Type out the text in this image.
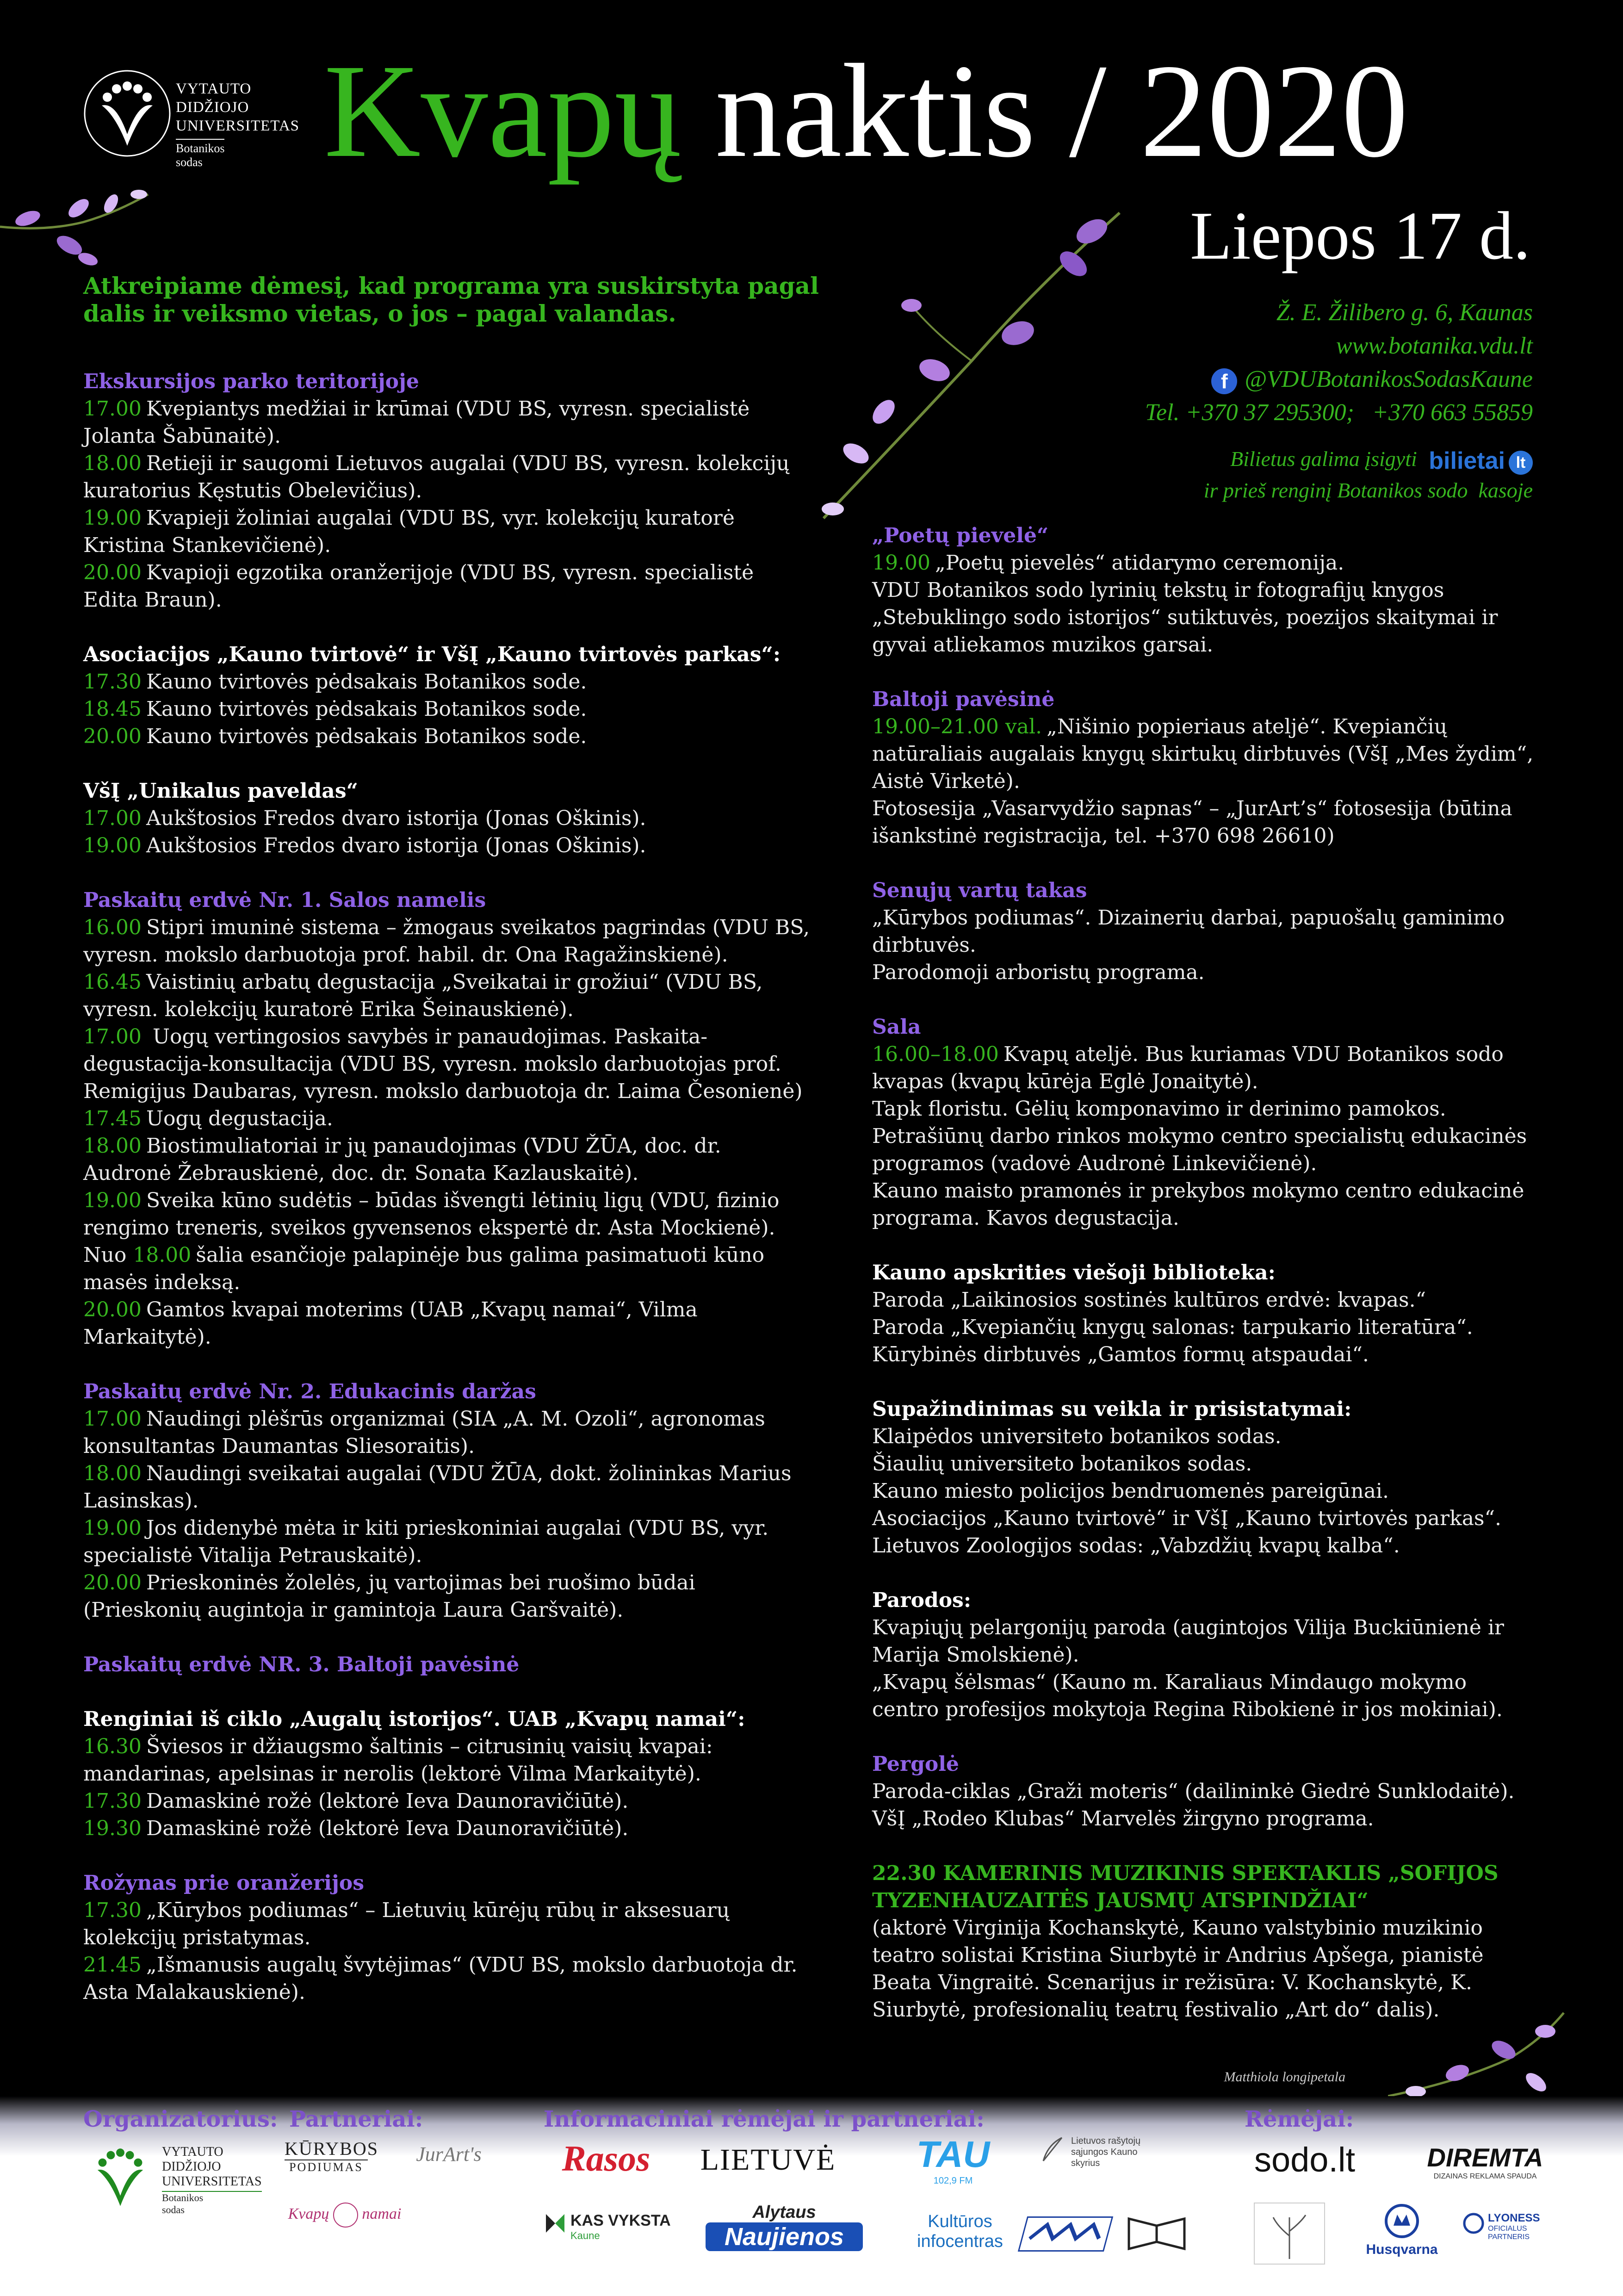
VYTAUTO
DIDŽIOJO
UNIVERSITETAS
Botanikos
sodas Kvapų naktis / 2020
Liepos 17 d.
Atkreipiame dėmesį, kad programa yra suskirstyta pagal dalis ir veiksmo vietas, o jos – pagal valandas.	Ž. E. Žilibero g. 6, Kaunas
www.botanika.vdu.lt
f @VDUBotanikosSodasKaune
Tel. +370 37 295300;   +370 663 55859
Bilietus galima įsigyti bilietai lt
ir prieš renginį Botanikos sodo  kasoje
Ekskursijos parko teritorijoje
17.00 Kvepiantys medžiai ir krūmai (VDU BS, vyresn. specialistė Jolanta Šabūnaitė).
18.00 Retieji ir saugomi Lietuvos augalai (VDU BS, vyresn. kolekcijų kuratorius Kęstutis Obelevičius).
19.00 Kvapieji žoliniai augalai (VDU BS, vyr. kolekcijų kuratorė Kristina Stankevičienė).
20.00 Kvapioji egzotika oranžerijoje (VDU BS, vyresn. specialistė Edita Braun).
Asociacijos „Kauno tvirtovė“ ir VšĮ „Kauno tvirtovės parkas“:
17.30 Kauno tvirtovės pėdsakais Botanikos sode.
18.45 Kauno tvirtovės pėdsakais Botanikos sode.
20.00 Kauno tvirtovės pėdsakais Botanikos sode.
VšĮ „Unikalus paveldas“
17.00 Aukštosios Fredos dvaro istorija (Jonas Oškinis).
19.00 Aukštosios Fredos dvaro istorija (Jonas Oškinis).
Paskaitų erdvė Nr. 1. Salos namelis
16.00 Stipri imuninė sistema – žmogaus sveikatos pagrindas (VDU BS, vyresn. mokslo darbuotoja prof. habil. dr. Ona Ragažinskienė).
16.45 Vaistinių arbatų degustacija „Sveikatai ir grožiui“ (VDU BS, vyresn. kolekcijų kuratorė Erika Šeinauskienė).
17.00 Uogų vertingosios savybės ir panaudojimas. Paskaita-degustacija-konsultacija (VDU BS, vyresn. mokslo darbuotojas prof. Remigijus Daubaras, vyresn. mokslo darbuotoja dr. Laima Česonienė)
17.45 Uogų degustacija.
18.00 Biostimuliatoriai ir jų panaudojimas (VDU ŽŪA, doc. dr. Audronė Žebrauskienė, doc. dr. Sonata Kazlauskaitė).
19.00 Sveika kūno sudėtis – būdas išvengti lėtinių ligų (VDU, fizinio rengimo treneris, sveikos gyvensenos ekspertė dr. Asta Mockienė).
Nuo 18.00 šalia esančioje palapinėje bus galima pasimatuoti kūno masės indeksą.
20.00 Gamtos kvapai moterims (UAB „Kvapų namai“, Vilma Markaitytė).
Paskaitų erdvė Nr. 2. Edukacinis daržas
17.00 Naudingi plėšrūs organizmai (SIA „A. M. Ozoli“, agronomas konsultantas Daumantas Sliesoraitis).
18.00 Naudingi sveikatai augalai (VDU ŽŪA, dokt. žolininkas Marius Lasinskas).
19.00 Jos didenybė mėta ir kiti prieskoniniai augalai (VDU BS, vyr. specialistė Vitalija Petrauskaitė).
20.00 Prieskoninės žolelės, jų vartojimas bei ruošimo būdai (Prieskonių augintoja ir gamintoja Laura Garšvaitė).
Paskaitų erdvė NR. 3. Baltoji pavėsinė
Renginiai iš ciklo „Augalų istorijos“. UAB „Kvapų namai“:
16.30 Šviesos ir džiaugsmo šaltinis – citrusinių vaisių kvapai: mandarinas, apelsinas ir nerolis (lektorė Vilma Markaitytė).
17.30 Damaskinė rožė (lektorė Ieva Daunoravičiūtė).
19.30 Damaskinė rožė (lektorė Ieva Daunoravičiūtė).
Rožynas prie oranžerijos
17.30 „Kūrybos podiumas“ – Lietuvių kūrėjų rūbų ir aksesuarų kolekcijų pristatymas.
21.45 „Išmanusis augalų švytėjimas“ (VDU BS, mokslo darbuotoja dr. Asta Malakauskienė).
„Poetų pievelė“
19.00 „Poetų pievelės“ atidarymo ceremonija.
VDU Botanikos sodo lyrinių tekstų ir fotografijų knygos „Stebuklingo sodo istorijos“ sutiktuvės, poezijos skaitymai ir gyvai atliekamos muzikos garsai.
Baltoji pavėsinė
19.00–21.00 val. „Nišinio popieriaus ateljė“. Kvepiančių natūraliais augalais knygų skirtukų dirbtuvės (VšĮ „Mes žydim“, Aistė Virketė).
Fotosesija „Vasarvydžio sapnas“ – „JurArt’s“ fotosesija (būtina išankstinė registracija, tel. +370 698 26610)
Senųjų vartų takas
„Kūrybos podiumas“. Dizainerių darbai, papuošalų gaminimo dirbtuvės.
Parodomoji arboristų programa.
Sala
16.00–18.00 Kvapų ateljė. Bus kuriamas VDU Botanikos sodo kvapas (kvapų kūrėja Eglė Jonaitytė).
Tapk floristu. Gėlių komponavimo ir derinimo pamokos.
Petrašiūnų darbo rinkos mokymo centro specialistų edukacinės programos (vadovė Audronė Linkevičienė).
Kauno maisto pramonės ir prekybos mokymo centro edukacinė programa. Kavos degustacija.
Kauno apskrities viešoji biblioteka:
Paroda „Laikinosios sostinės kultūros erdvė: kvapas.“
Paroda „Kvepiančių knygų salonas: tarpukario literatūra“.
Kūrybinės dirbtuvės „Gamtos formų atspaudai“.
Supažindinimas su veikla ir prisistatymai:
Klaipėdos universiteto botanikos sodas.
Šiaulių universiteto botanikos sodas.
Kauno miesto policijos bendruomenės pareigūnai.
Asociacijos „Kauno tvirtovė“ ir VšĮ „Kauno tvirtovės parkas“.
Lietuvos Zoologijos sodas: „Vabzdžių kvapų kalba“.
Parodos:
Kvapiųjų pelargonijų paroda (augintojos Vilija Buckiūnienė ir Marija Smolskienė).
„Kvapų šėlsmas“ (Kauno m. Karaliaus Mindaugo mokymo centro profesijos mokytoja Regina Ribokienė ir jos mokiniai).
Pergolė
Paroda-ciklas „Graži moteris“ (dailininkė Giedrė Sunklodaitė).
VšĮ „Rodeo Klubas“ Marvelės žirgyno programa.
22.30 KAMERINIS MUZIKINIS SPEKTAKLIS „SOFIJOS TYZENHAUZAITĖS JAUSMŲ ATSPINDŽIAI“
(aktorė Virginija Kochanskytė, Kauno valstybinio muzikinio teatro solistai Kristina Siurbytė ir Andrius Apšega, pianistė Beata Vingraitė. Scenarijus ir režisūra: V. Kochanskytė, K. Siurbytė, profesionalių teatrų festivalio „Art do“ dalis).
Matthiola longipetala
Organizatorius: Partneriai:	Informaciniai rėmėjai ir partneriai:	Rėmėjai:
VYTAUTO
DIDŽIOJO
UNIVERSITETAS
Botanikos
sodas
KŪRYBOS
PODIUMAS
JurArt's
Kvapų namai
Rasos	LIETUVĖ	TAU
102,9 FM
Lietuvos rašytojų sąjungos Kauno skyrius
KAS VYKSTA
Kaune
Alytaus
Naujienos
Kultūros
infocentras
sodo.lt	DIREMTA
DIZAINAS REKLAMA SPAUDA
Husqvarna
LYONESS
OFICIALUS PARTNERIS
